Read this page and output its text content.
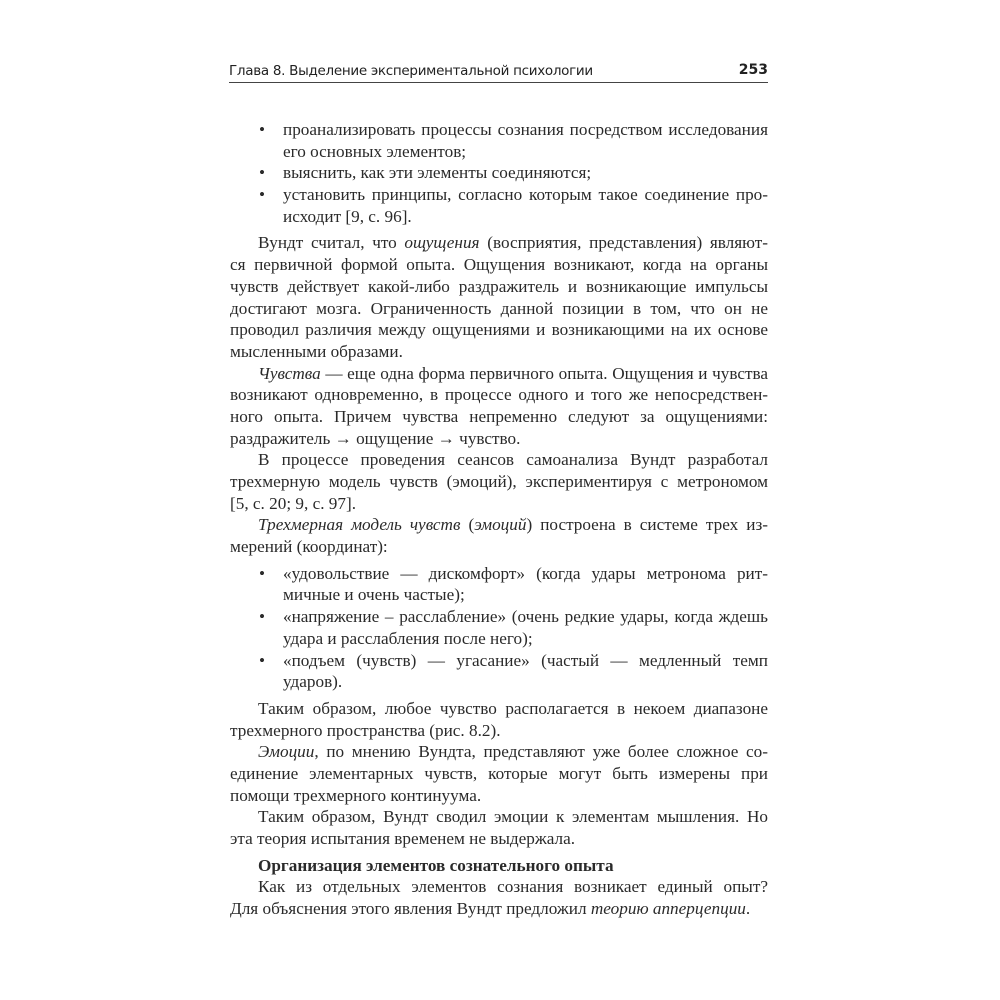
Глава 8. Выделение экспериментальной психологии	253
• проанализировать процессы сознания посредством исследования
его основных элементов;
• выяснить, как эти элементы соединяются;
• установить принципы, согласно которым такое соединение про-
исходит [9, с. 96].
Вундт считал, что ощущения (восприятия, представления) являют-
ся первичной формой опыта. Ощущения возникают, когда на органы
чувств действует какой-либо раздражитель и возникающие импульсы
достигают мозга. Ограниченность данной позиции в том, что он не
проводил различия между ощущениями и возникающими на их основе
мысленными образами.
Чувства — еще одна форма первичного опыта. Ощущения и чувства
возникают одновременно, в процессе одного и того же непосредствен-
ного опыта. Причем чувства непременно следуют за ощущениями:
раздражитель → ощущение → чувство.
В процессе проведения сеансов самоанализа Вундт разработал
трехмерную модель чувств (эмоций), экспериментируя с метрономом
[5, с. 20; 9, с. 97].
Трехмерная модель чувств (эмоций) построена в системе трех из-
мерений (координат):
• «удовольствие — дискомфорт» (когда удары метронома рит-
мичные и очень частые);
• «напряжение – расслабление» (очень редкие удары, когда ждешь
удара и расслабления после него);
• «подъем (чувств) — угасание» (частый — медленный темп
ударов).
Таким образом, любое чувство располагается в некоем диапазоне
трехмерного пространства (рис. 8.2).
Эмоции, по мнению Вундта, представляют уже более сложное со-
единение элементарных чувств, которые могут быть измерены при
помощи трехмерного континуума.
Таким образом, Вундт сводил эмоции к элементам мышления. Но
эта теория испытания временем не выдержала.
Организация элементов сознательного опыта
Как из отдельных элементов сознания возникает единый опыт?
Для объяснения этого явления Вундт предложил теорию апперцепции.
